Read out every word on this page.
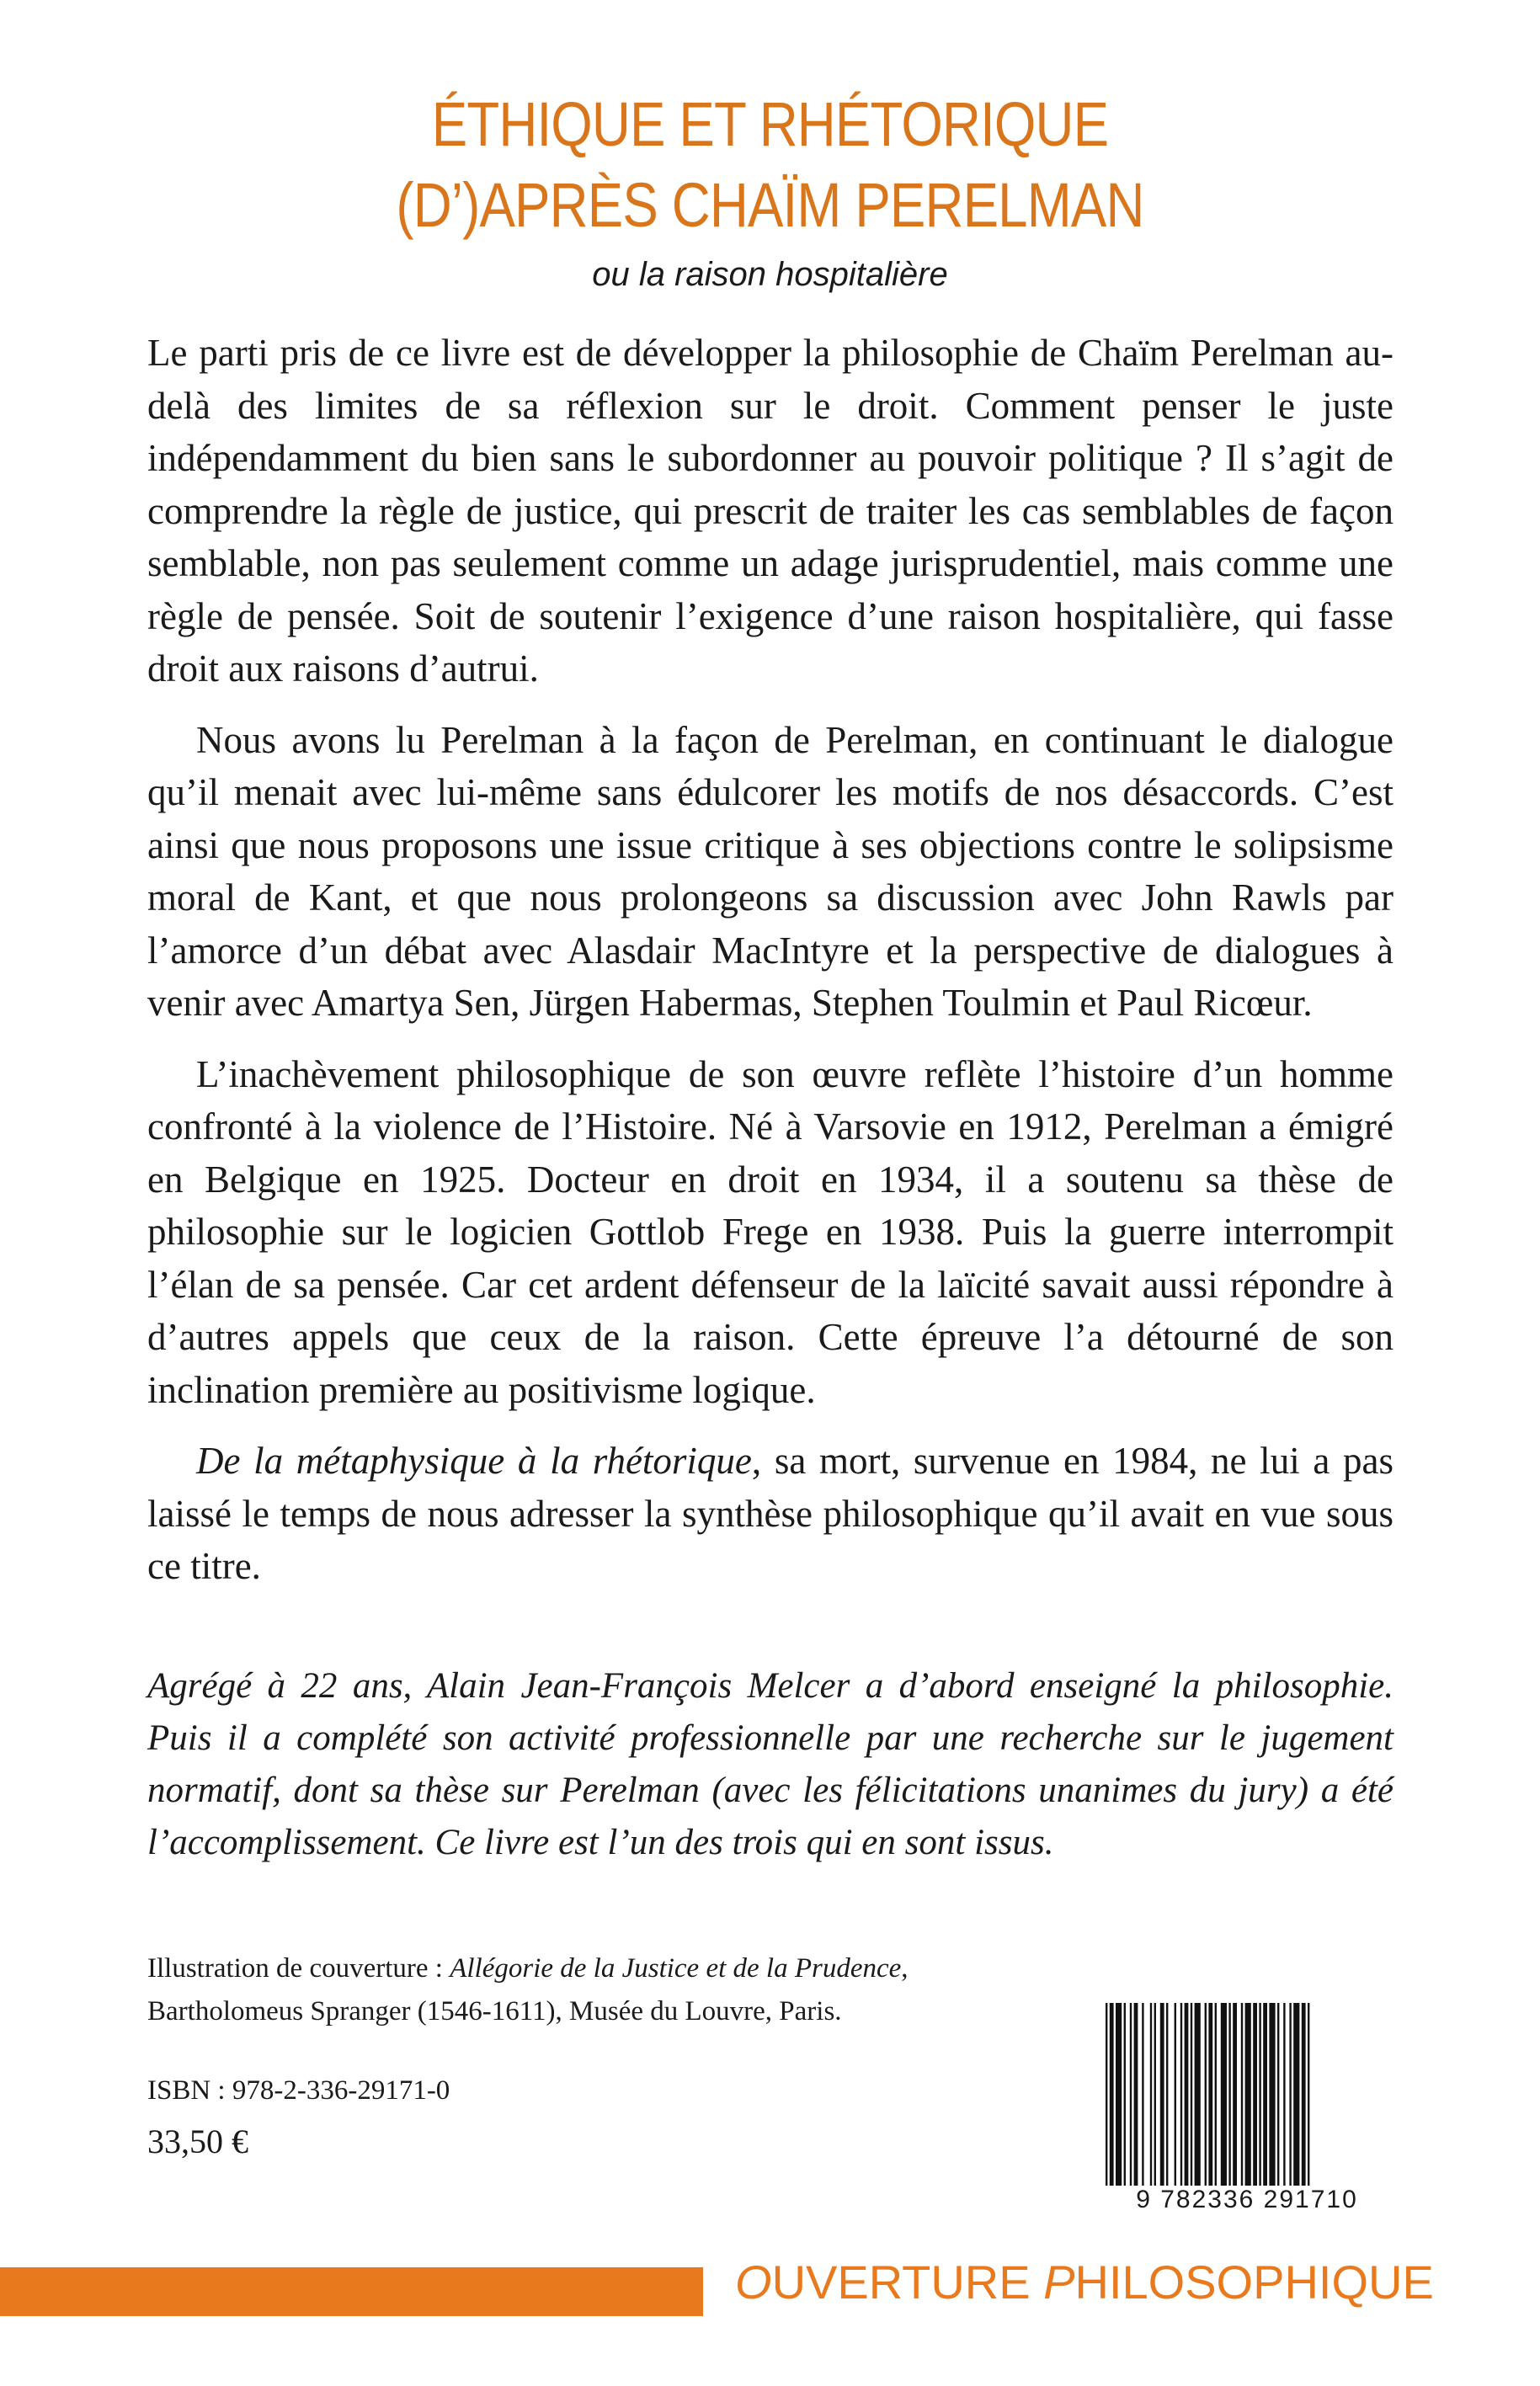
ÉTHIQUE ET RHÉTORIQUE
(D’)APRÈS CHAÏM PERELMAN
ou la raison hospitalière

Le parti pris de ce livre est de développer la philosophie de Chaïm Perelman au-delà des limites de sa réflexion sur le droit. Comment penser le juste indépendamment du bien sans le subordonner au pouvoir politique ? Il s’agit de comprendre la règle de justice, qui prescrit de traiter les cas semblables de façon semblable, non pas seulement comme un adage jurisprudentiel, mais comme une règle de pensée. Soit de soutenir l’exigence d’une raison hospitalière, qui fasse droit aux raisons d’autrui.

Nous avons lu Perelman à la façon de Perelman, en continuant le dialogue qu’il menait avec lui-même sans édulcorer les motifs de nos désaccords. C’est ainsi que nous proposons une issue critique à ses objections contre le solipsisme moral de Kant, et que nous prolongeons sa discussion avec John Rawls par l’amorce d’un débat avec Alasdair MacIntyre et la perspective de dialogues à venir avec Amartya Sen, Jürgen Habermas, Stephen Toulmin et Paul Ricœur.

L’inachèvement philosophique de son œuvre reflète l’histoire d’un homme confronté à la violence de l’Histoire. Né à Varsovie en 1912, Perelman a émigré en Belgique en 1925. Docteur en droit en 1934, il a soutenu sa thèse de philosophie sur le logicien Gottlob Frege en 1938. Puis la guerre interrompit l’élan de sa pensée. Car cet ardent défenseur de la laïcité savait aussi répondre à d’autres appels que ceux de la raison. Cette épreuve l’a détourné de son inclination première au positivisme logique.

De la métaphysique à la rhétorique, sa mort, survenue en 1984, ne lui a pas laissé le temps de nous adresser la synthèse philosophique qu’il avait en vue sous ce titre.

Agrégé à 22 ans, Alain Jean-François Melcer a d’abord enseigné la philosophie. Puis il a complété son activité professionnelle par une recherche sur le jugement normatif, dont sa thèse sur Perelman (avec les félicitations unanimes du jury) a été l’accomplissement. Ce livre est l’un des trois qui en sont issus.
Illustration de couverture : Allégorie de la Justice et de la Prudence,
Bartholomeus Spranger (1546-1611), Musée du Louvre, Paris.
ISBN : 978-2-336-29171-0
33,50 €
9 782336 291710
OUVERTURE PHILOSOPHIQUE
